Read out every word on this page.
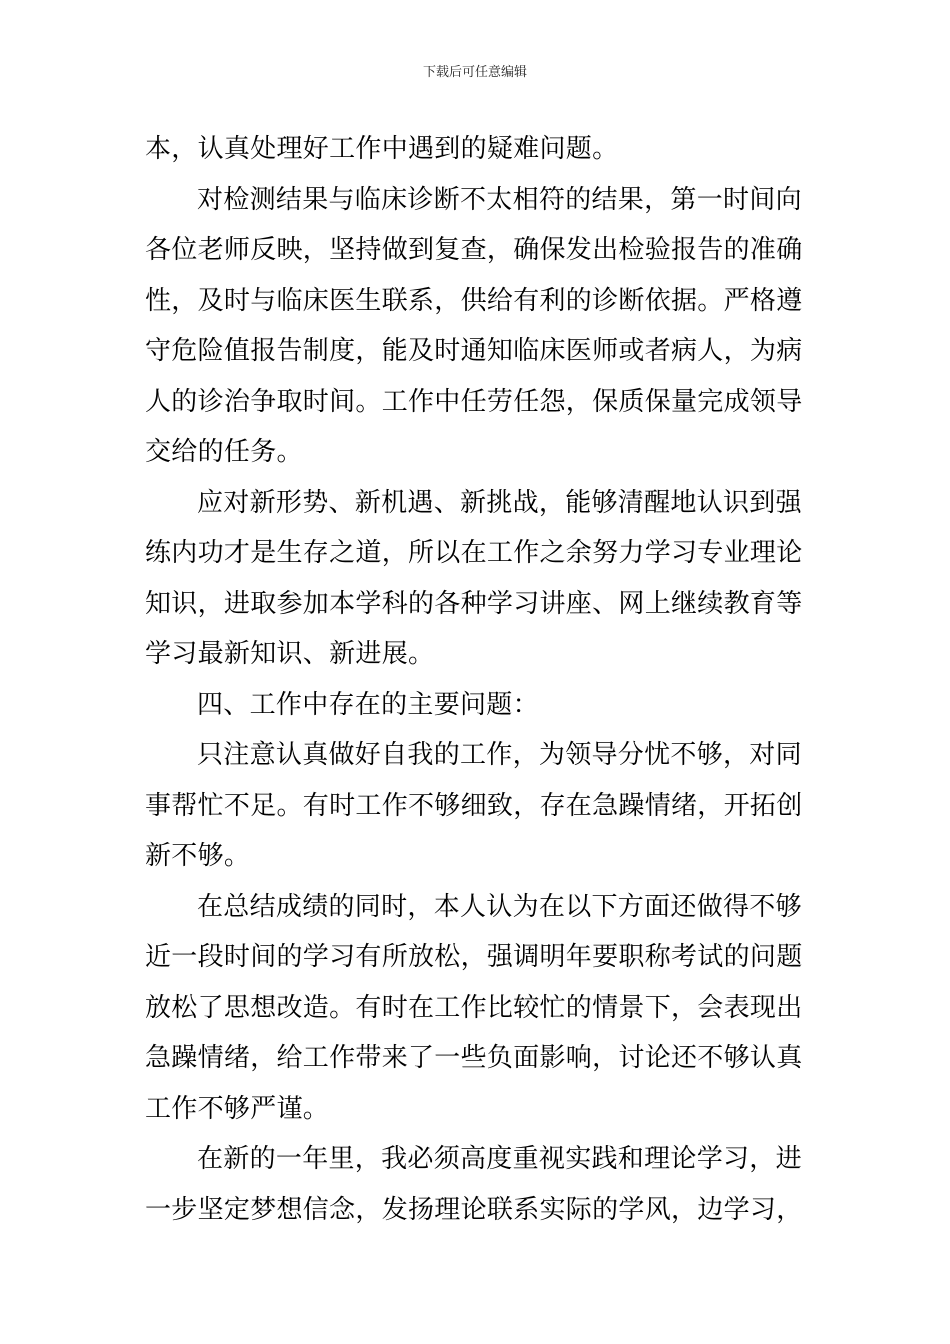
下载后可任意编辑
本，认真处理好工作中遇到的疑难问题。
对检测结果与临床诊断不太相符的结果，第一时间向
各位老师反映，坚持做到复查，确保发出检验报告的准确
性，及时与临床医生联系，供给有利的诊断依据。严格遵
守危险值报告制度，能及时通知临床医师或者病人，为病
人的诊治争取时间。工作中任劳任怨，保质保量完成领导
交给的任务。
应对新形势、新机遇、新挑战，能够清醒地认识到强
练内功才是生存之道，所以在工作之余努力学习专业理论
知识，进取参加本学科的各种学习讲座、网上继续教育等
学习最新知识、新进展。
四、工作中存在的主要问题：
只注意认真做好自我的工作，为领导分忧不够，对同
事帮忙不足。有时工作不够细致，存在急躁情绪，开拓创
新不够。
在总结成绩的同时，本人认为在以下方面还做得不够
近一段时间的学习有所放松，强调明年要职称考试的问题
放松了思想改造。有时在工作比较忙的情景下，会表现出
急躁情绪，给工作带来了一些负面影响，讨论还不够认真
工作不够严谨。
在新的一年里，我必须高度重视实践和理论学习，进
一步坚定梦想信念，发扬理论联系实际的学风，边学习，
